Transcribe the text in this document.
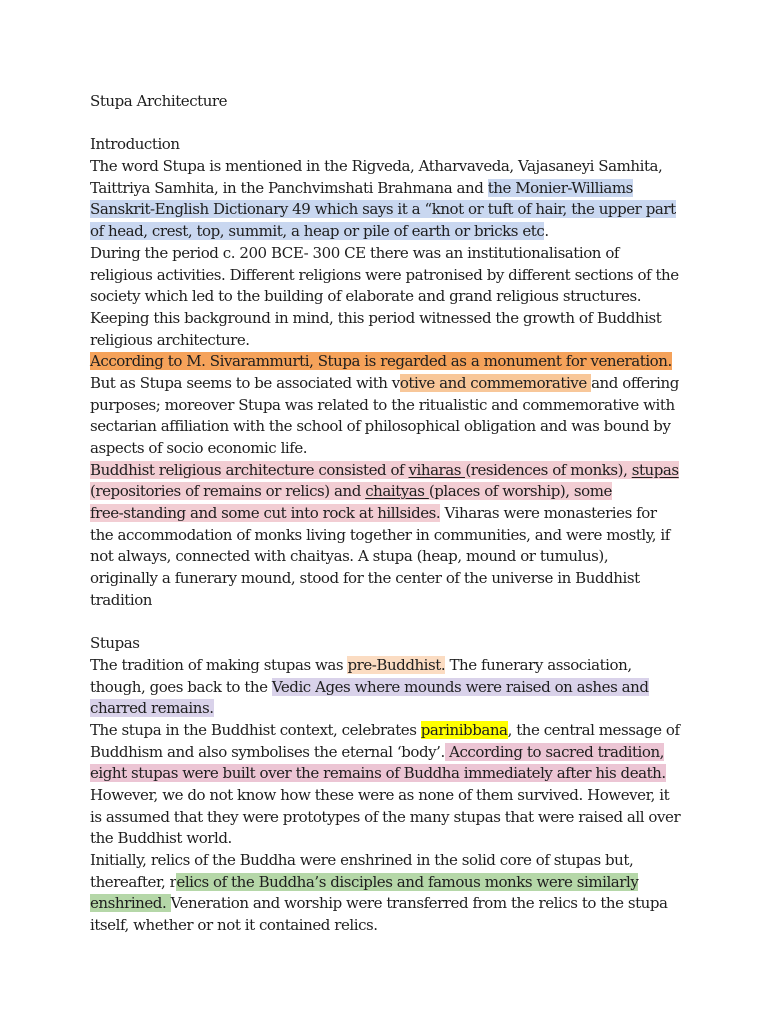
Stupa Architecture
Introduction
The word Stupa is mentioned in the Rigveda, Atharvaveda, Vajasaneyi Samhita,
Taittriya Samhita, in the Panchvimshati Brahmana and the Monier-Williams
Sanskrit-English Dictionary 49 which says it a “knot or tuft of hair, the upper part
of head, crest, top, summit, a heap or pile of earth or bricks etc.
During the period c. 200 BCE- 300 CE there was an institutionalisation of
religious activities. Different religions were patronised by different sections of the
society which led to the building of elaborate and grand religious structures.
Keeping this background in mind, this period witnessed the growth of Buddhist
religious architecture.
According to M. Sivarammurti, Stupa is regarded as a monument for veneration.
But as Stupa seems to be associated with votive and commemorative and offering
purposes; moreover Stupa was related to the ritualistic and commemorative with
sectarian affiliation with the school of philosophical obligation and was bound by
aspects of socio economic life.
Buddhist religious architecture consisted of viharas (residences of monks), stupas
(repositories of remains or relics) and chaityas (places of worship), some
free-standing and some cut into rock at hillsides. Viharas were monasteries for
the accommodation of monks living together in communities, and were mostly, if
not always, connected with chaityas. A stupa (heap, mound or tumulus),
originally a funerary mound, stood for the center of the universe in Buddhist
tradition
Stupas
The tradition of making stupas was pre-Buddhist. The funerary association,
though, goes back to the Vedic Ages where mounds were raised on ashes and
charred remains.
The stupa in the Buddhist context, celebrates parinibbana, the central message of
Buddhism and also symbolises the eternal ‘body’. According to sacred tradition,
eight stupas were built over the remains of Buddha immediately after his death.
However, we do not know how these were as none of them survived. However, it
is assumed that they were prototypes of the many stupas that were raised all over
the Buddhist world.
Initially, relics of the Buddha were enshrined in the solid core of stupas but,
thereafter, relics of the Buddha’s disciples and famous monks were similarly
enshrined. Veneration and worship were transferred from the relics to the stupa
itself, whether or not it contained relics.
